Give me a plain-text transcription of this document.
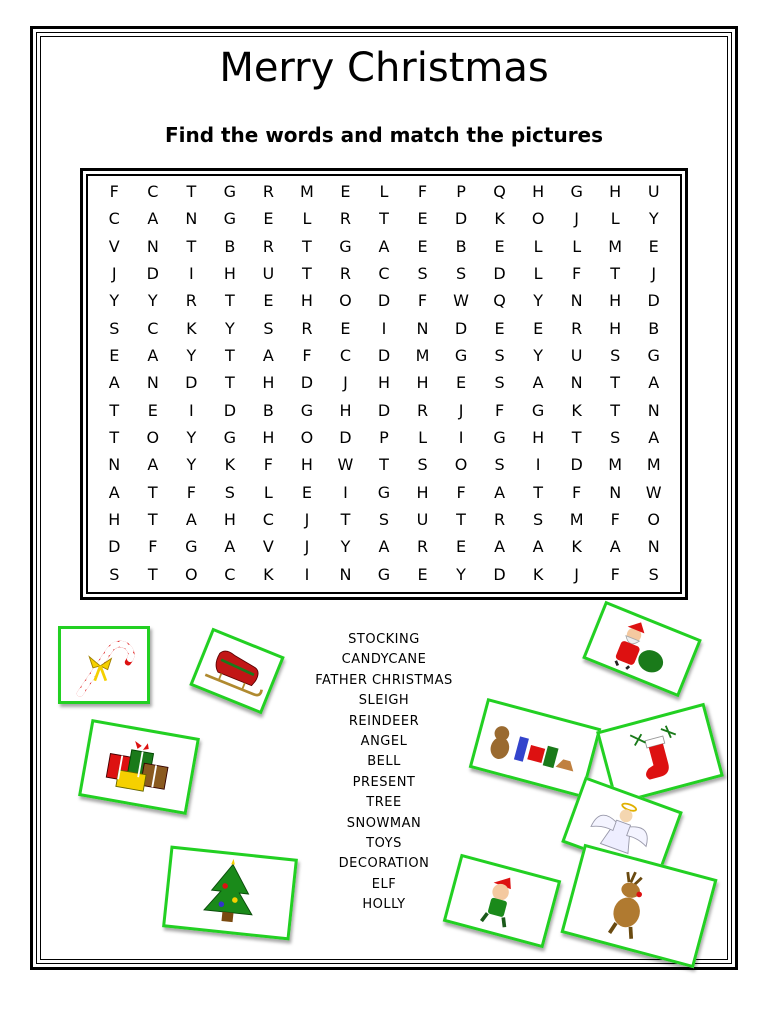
Merry Christmas
Find the words and match the pictures
F	C	T	G	R	M	E	L	F	P	Q	H	G	H	U
C	A	N	G	E	L	R	T	E	D	K	O	J	L	Y
V	N	T	B	R	T	G	A	E	B	E	L	L	M	E
J	D	I	H	U	T	R	C	S	S	D	L	F	T	J
Y	Y	R	T	E	H	O	D	F	W	Q	Y	N	H	D
S	C	K	Y	S	R	E	I	N	D	E	E	R	H	B
E	A	Y	T	A	F	C	D	M	G	S	Y	U	S	G
A	N	D	T	H	D	J	H	H	E	S	A	N	T	A
T	E	I	D	B	G	H	D	R	J	F	G	K	T	N
T	O	Y	G	H	O	D	P	L	I	G	H	T	S	A
N	A	Y	K	F	H	W	T	S	O	S	I	D	M	M
A	T	F	S	L	E	I	G	H	F	A	T	F	N	W
H	T	A	H	C	J	T	S	U	T	R	S	M	F	O
D	F	G	A	V	J	Y	A	R	E	A	A	K	A	N
S	T	O	C	K	I	N	G	E	Y	D	K	J	F	S
STOCKING
CANDYCANE
FATHER CHRISTMAS
SLEIGH
REINDEER
ANGEL
BELL
PRESENT
TREE
SNOWMAN
TOYS
DECORATION
ELF
HOLLY
